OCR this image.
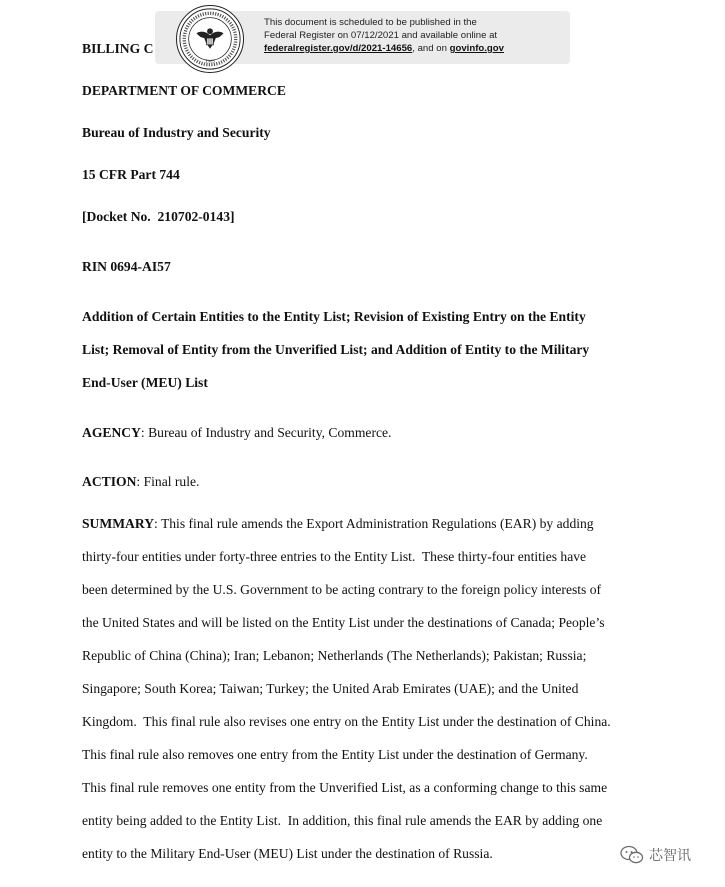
1985
This document is scheduled to be published in the
Federal Register on 07/12/2021 and available online at
federalregister.gov/d/2021-14656, and on govinfo.gov
BILLING C
DEPARTMENT OF COMMERCE
Bureau of Industry and Security
15 CFR Part 744
[Docket No.  210702-0143]
RIN 0694-AI57
Addition of Certain Entities to the Entity List; Revision of Existing Entry on the Entity
List; Removal of Entity from the Unverified List; and Addition of Entity to the Military
End-User (MEU) List
AGENCY: Bureau of Industry and Security, Commerce.
ACTION: Final rule.
SUMMARY: This final rule amends the Export Administration Regulations (EAR) by adding
thirty-four entities under forty-three entries to the Entity List.  These thirty-four entities have
been determined by the U.S. Government to be acting contrary to the foreign policy interests of
the United States and will be listed on the Entity List under the destinations of Canada; People’s
Republic of China (China); Iran; Lebanon; Netherlands (The Netherlands); Pakistan; Russia;
Singapore; South Korea; Taiwan; Turkey; the United Arab Emirates (UAE); and the United
Kingdom.  This final rule also revises one entry on the Entity List under the destination of China.
This final rule also removes one entry from the Entity List under the destination of Germany.
This final rule removes one entity from the Unverified List, as a conforming change to this same
entity being added to the Entity List.  In addition, this final rule amends the EAR by adding one
entity to the Military End-User (MEU) List under the destination of Russia.	芯智讯
